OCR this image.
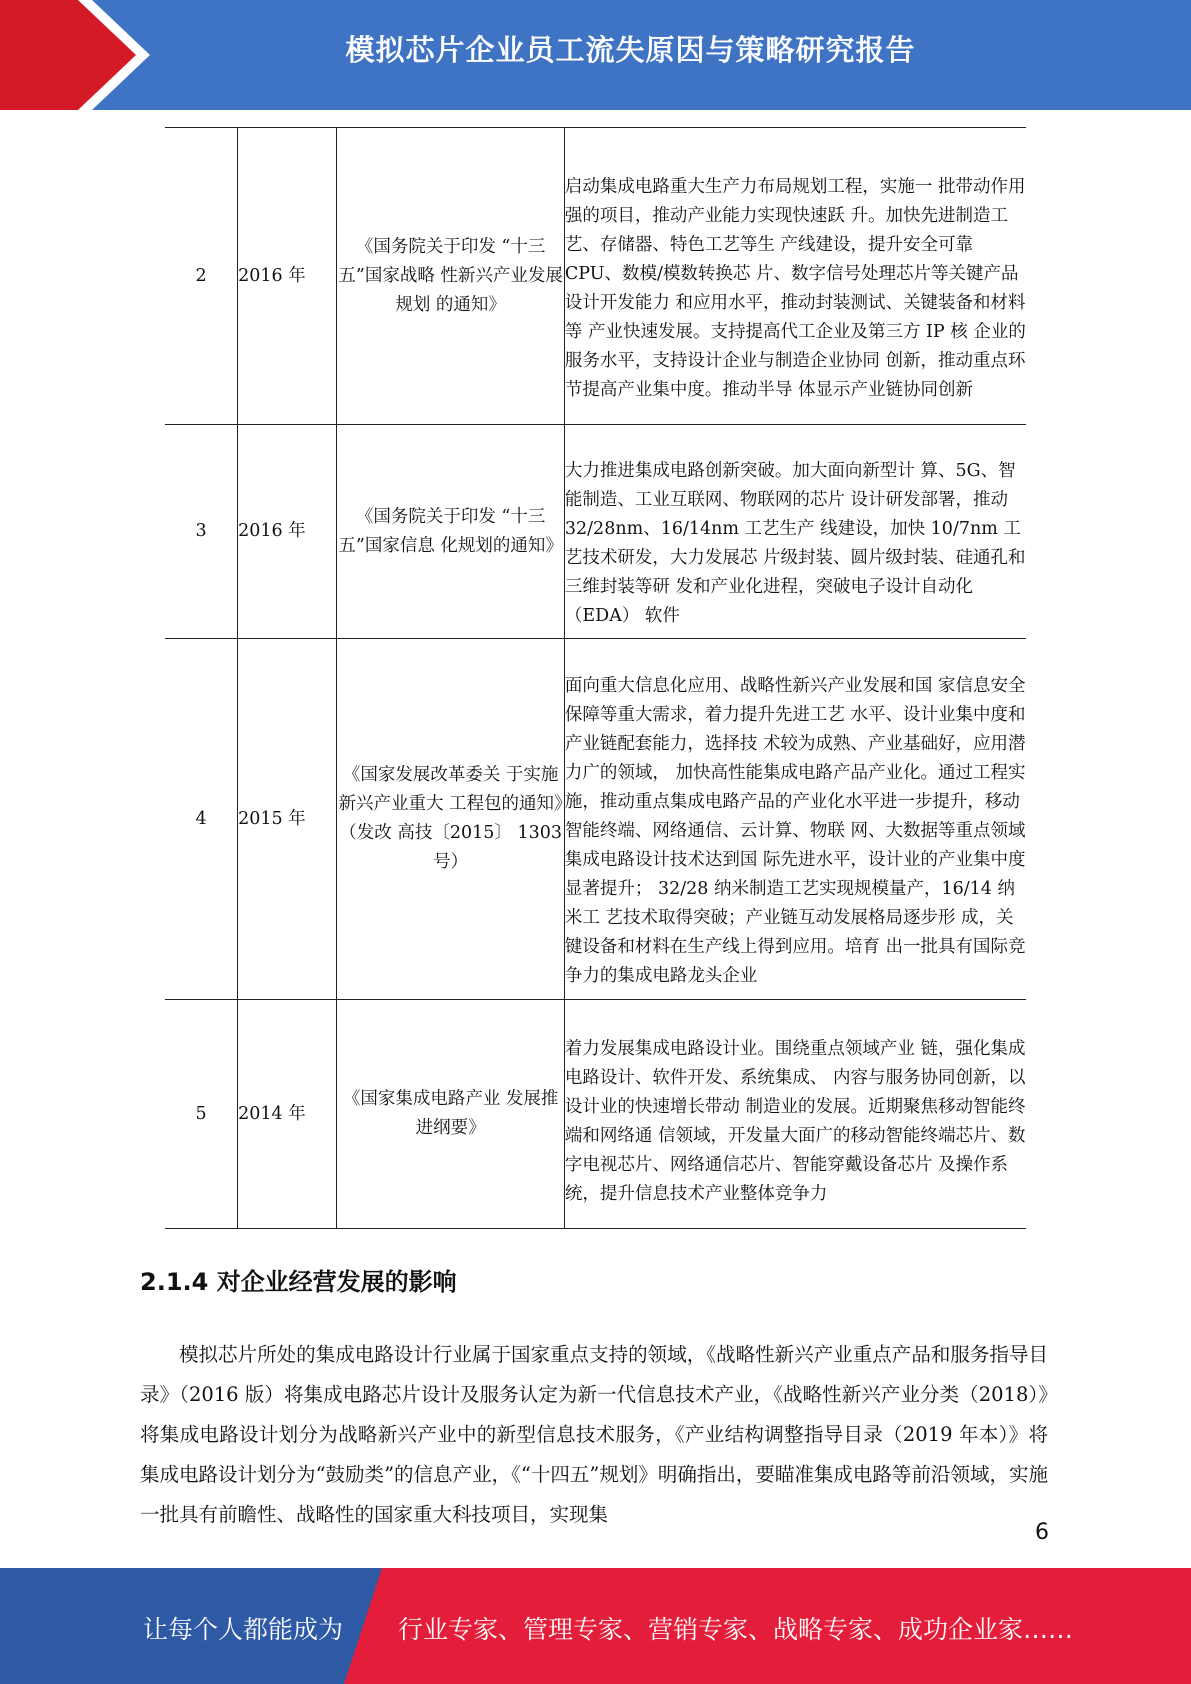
模拟芯片企业员工流失原因与策略研究报告
2	2016 年	《国务院关于印发 “十三五”国家战略 性新兴产业发展规划 的通知》	启动集成电路重大生产力布局规划工程，实施一 批带动作用强的项目，推动产业能力实现快速跃 升。加快先进制造工艺、存储器、特色工艺等生 产线建设，提升安全可靠 CPU、数模/模数转换芯 片、数字信号处理芯片等关键产品设计开发能力 和应用水平，推动封装测试、关键装备和材料等 产业快速发展。支持提高代工企业及第三方 IP 核 企业的服务水平，支持设计企业与制造企业协同 创新，推动重点环节提高产业集中度。推动半导 体显示产业链协同创新

3	2016 年	《国务院关于印发 “十三五”国家信息 化规划的通知》	大力推进集成电路创新突破。加大面向新型计 算、5G、智能制造、工业互联网、物联网的芯片 设计研发部署，推动 32/28nm、16/14nm 工艺生产 线建设，加快 10/7nm 工艺技术研发，大力发展芯 片级封装、圆片级封装、硅通孔和三维封装等研 发和产业化进程，突破电子设计自动化（EDA） 软件

4	2015 年	《国家发展改革委关 于实施新兴产业重大 工程包的通知》（发改 高技〔2015〕 1303 号）	面向重大信息化应用、战略性新兴产业发展和国 家信息安全保障等重大需求，着力提升先进工艺 水平、设计业集中度和产业链配套能力，选择技 术较为成熟、产业基础好，应用潜力广的领域， 加快高性能集成电路产品产业化。通过工程实 施，推动重点集成电路产品的产业化水平进一步提升，移动智能终端、网络通信、云计算、物联 网、大数据等重点领域集成电路设计技术达到国 际先进水平，设计业的产业集中度显著提升； 32/28 纳米制造工艺实现规模量产，16/14 纳米工 艺技术取得突破；产业链互动发展格局逐步形 成，关键设备和材料在生产线上得到应用。培育 出一批具有国际竞争力的集成电路龙头企业

5	2014 年	《国家集成电路产业 发展推进纲要》	着力发展集成电路设计业。围绕重点领域产业 链，强化集成电路设计、软件开发、系统集成、 内容与服务协同创新，以设计业的快速增长带动 制造业的发展。近期聚焦移动智能终端和网络通 信领域，开发量大面广的移动智能终端芯片、数 字电视芯片、网络通信芯片、智能穿戴设备芯片 及操作系统，提升信息技术产业整体竞争力
2.1.4 对企业经营发展的影响
模拟芯片所处的集成电路设计行业属于国家重点支持的领域，《战略性新兴产业重点产品和服务指导目录》（2016 版）将集成电路芯片设计及服务认定为新一代信息技术产业，《战略性新兴产业分类（2018）》将集成电路设计划分为战略新兴产业中的新型信息技术服务，《产业结构调整指导目录（2019 年本）》将集成电路设计划分为“鼓励类”的信息产业，《“十四五”规划》明确指出，要瞄准集成电路等前沿领域，实施一批具有前瞻性、战略性的国家重大科技项目，实现集
6
让每个人都能成为 行业专家、管理专家、营销专家、战略专家、成功企业家……
